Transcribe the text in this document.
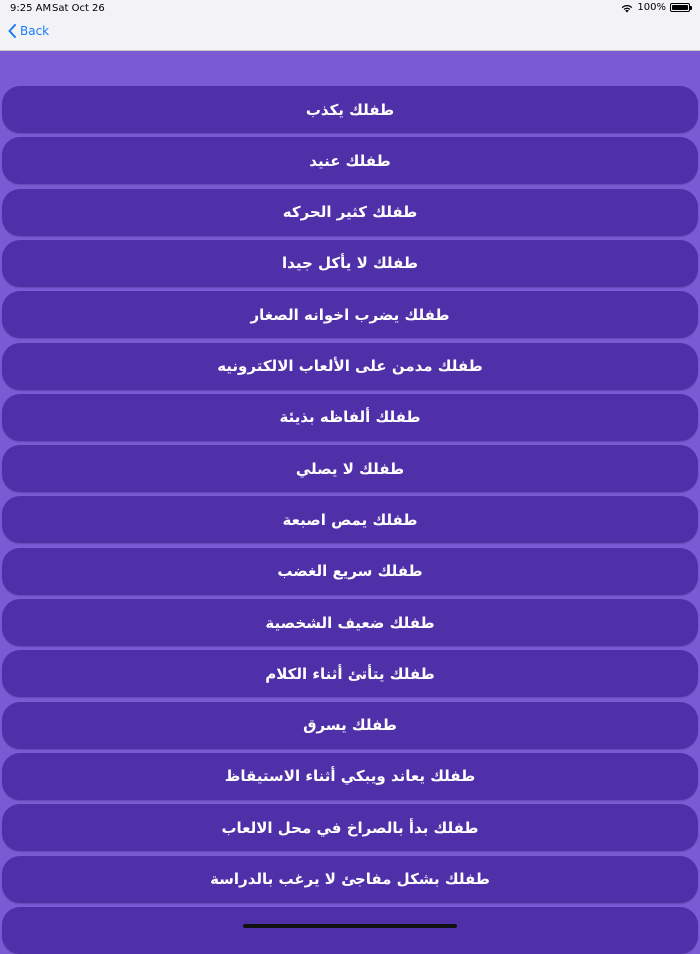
9:25 AM Sat Oct 26	100%
Back
طفلك يكذب
طفلك عنيد
طفلك كثير الحركه
طفلك لا يأكل جيدا
طفلك يضرب اخوانه الصغار
طفلك مدمن على الألعاب الالكترونيه
طفلك ألفاظه بذيئة
طفلك لا يصلي
طفلك يمص اصبعة
طفلك سريع الغضب
طفلك ضعيف الشخصية
طفلك يتأتئ أثناء الكلام
طفلك يسرق
طفلك يعاند ويبكي أثناء الاستيقاظ
طفلك بدأ بالصراخ في محل الالعاب
طفلك بشكل مفاجئ لا يرغب بالدراسة
